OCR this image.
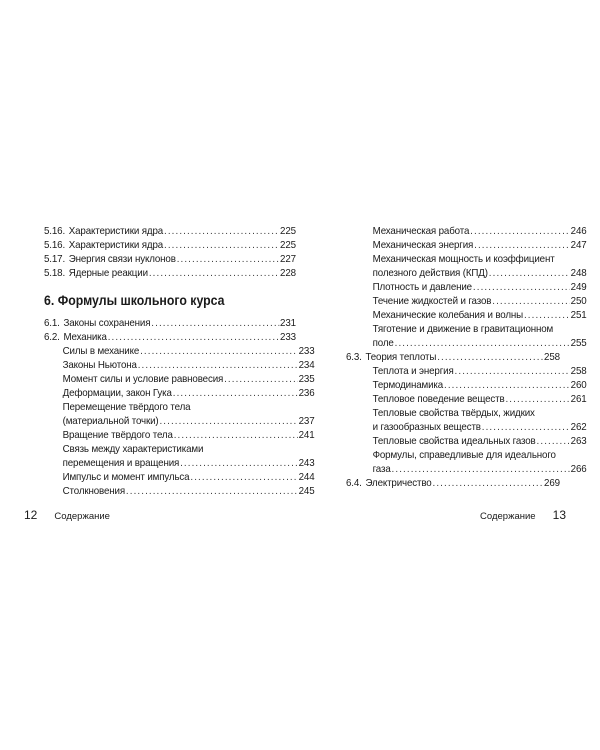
5.16. Характеристики ядра .....	225
5.16. Характеристики ядра .....	225
5.17. Энергия связи нуклонов .....	227
5.18. Ядерные реакции .....	228
6. Формулы школьного курса
6.1. Законы сохранения .....	231
6.2. Механика .....	233
Силы в механике .....	233
Законы Ньютона .....	234
Момент силы и условие равновесия .....	235
Деформации, закон Гука .....	236
Перемещение твёрдого тела
(материальной точки) .....	237
Вращение твёрдого тела .....	241
Связь между характеристиками
перемещения и вращения .....	243
Импульс и момент импульса .....	244
Столкновения .....	245
12 Содержание
Механическая работа .....	246
Механическая энергия .....	247
Механическая мощность и коэффициент
полезного действия (КПД) .....	248
Плотность и давление .....	249
Течение жидкостей и газов .....	250
Механические колебания и волны .....	251
Тяготение и движение в гравитационном
поле .....	255
6.3. Теория теплоты .....	258
Теплота и энергия .....	258
Термодинамика .....	260
Тепловое поведение веществ .....	261
Тепловые свойства твёрдых, жидких
и газообразных веществ .....	262
Тепловые свойства идеальных газов .....	263
Формулы, справедливые для идеального
газа .....	266
6.4. Электричество .....	269
Содержание 13
